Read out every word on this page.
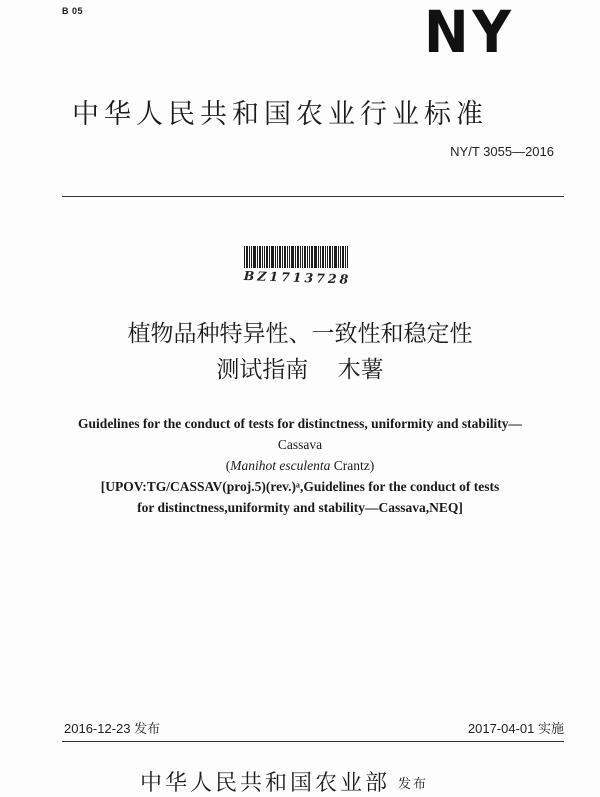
B 05	NY
中华人民共和国农业行业标准
NY/T 3055—2016
BZ1713728
植物品种特异性、一致性和稳定性
测试指南    木薯
Guidelines for the conduct of tests for distinctness, uniformity and stability—
Cassava
(Manihot esculenta Crantz)
[UPOV:TG/CASSAV(proj.5)(rev.)ᵃ,Guidelines for the conduct of tests
for distinctness,uniformity and stability—Cassava,NEQ]
2016-12-23 发布	2017-04-01 实施
中华人民共和国农业部 发布
